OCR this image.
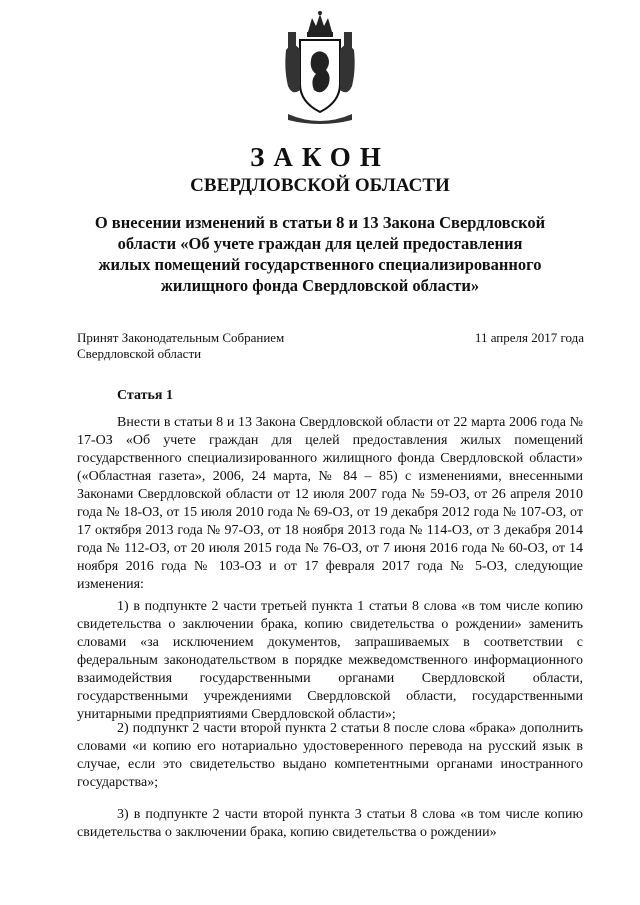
ЗАКОН
СВЕРДЛОВСКОЙ ОБЛАСТИ
О внесении изменений в статьи 8 и 13 Закона Свердловской области «Об учете граждан для целей предоставления жилых помещений государственного специализированного жилищного фонда Свердловской области»
Принят Законодательным Собранием Свердловской области
11 апреля 2017 года
Статья 1

Внести в статьи 8 и 13 Закона Свердловской области от 22 марта 2006 года № 17-ОЗ «Об учете граждан для целей предоставления жилых помещений государственного специализированного жилищного фонда Свердловской области» («Областная газета», 2006, 24 марта, № 84 – 85) с изменениями, внесенными Законами Свердловской области от 12 июля 2007 года № 59-ОЗ, от 26 апреля 2010 года № 18-ОЗ, от 15 июля 2010 года № 69-ОЗ, от 19 декабря 2012 года № 107-ОЗ, от 17 октября 2013 года № 97-ОЗ, от 18 ноября 2013 года № 114-ОЗ, от 3 декабря 2014 года № 112-ОЗ, от 20 июля 2015 года № 76-ОЗ, от 7 июня 2016 года № 60-ОЗ, от 14 ноября 2016 года № 103-ОЗ и от 17 февраля 2017 года № 5-ОЗ, следующие изменения:

1) в подпункте 2 части третьей пункта 1 статьи 8 слова «в том числе копию свидетельства о заключении брака, копию свидетельства о рождении» заменить словами «за исключением документов, запрашиваемых в соответствии с федеральным законодательством в порядке межведомственного информационного взаимодействия государственными органами Свердловской области, государственными учреждениями Свердловской области, государственными унитарными предприятиями Свердловской области»;

2) подпункт 2 части второй пункта 2 статьи 8 после слова «брака» дополнить словами «и копию его нотариально удостоверенного перевода на русский язык в случае, если это свидетельство выдано компетентными органами иностранного государства»;

3) в подпункте 2 части второй пункта 3 статьи 8 слова «в том числе копию свидетельства о заключении брака, копию свидетельства о рождении»
